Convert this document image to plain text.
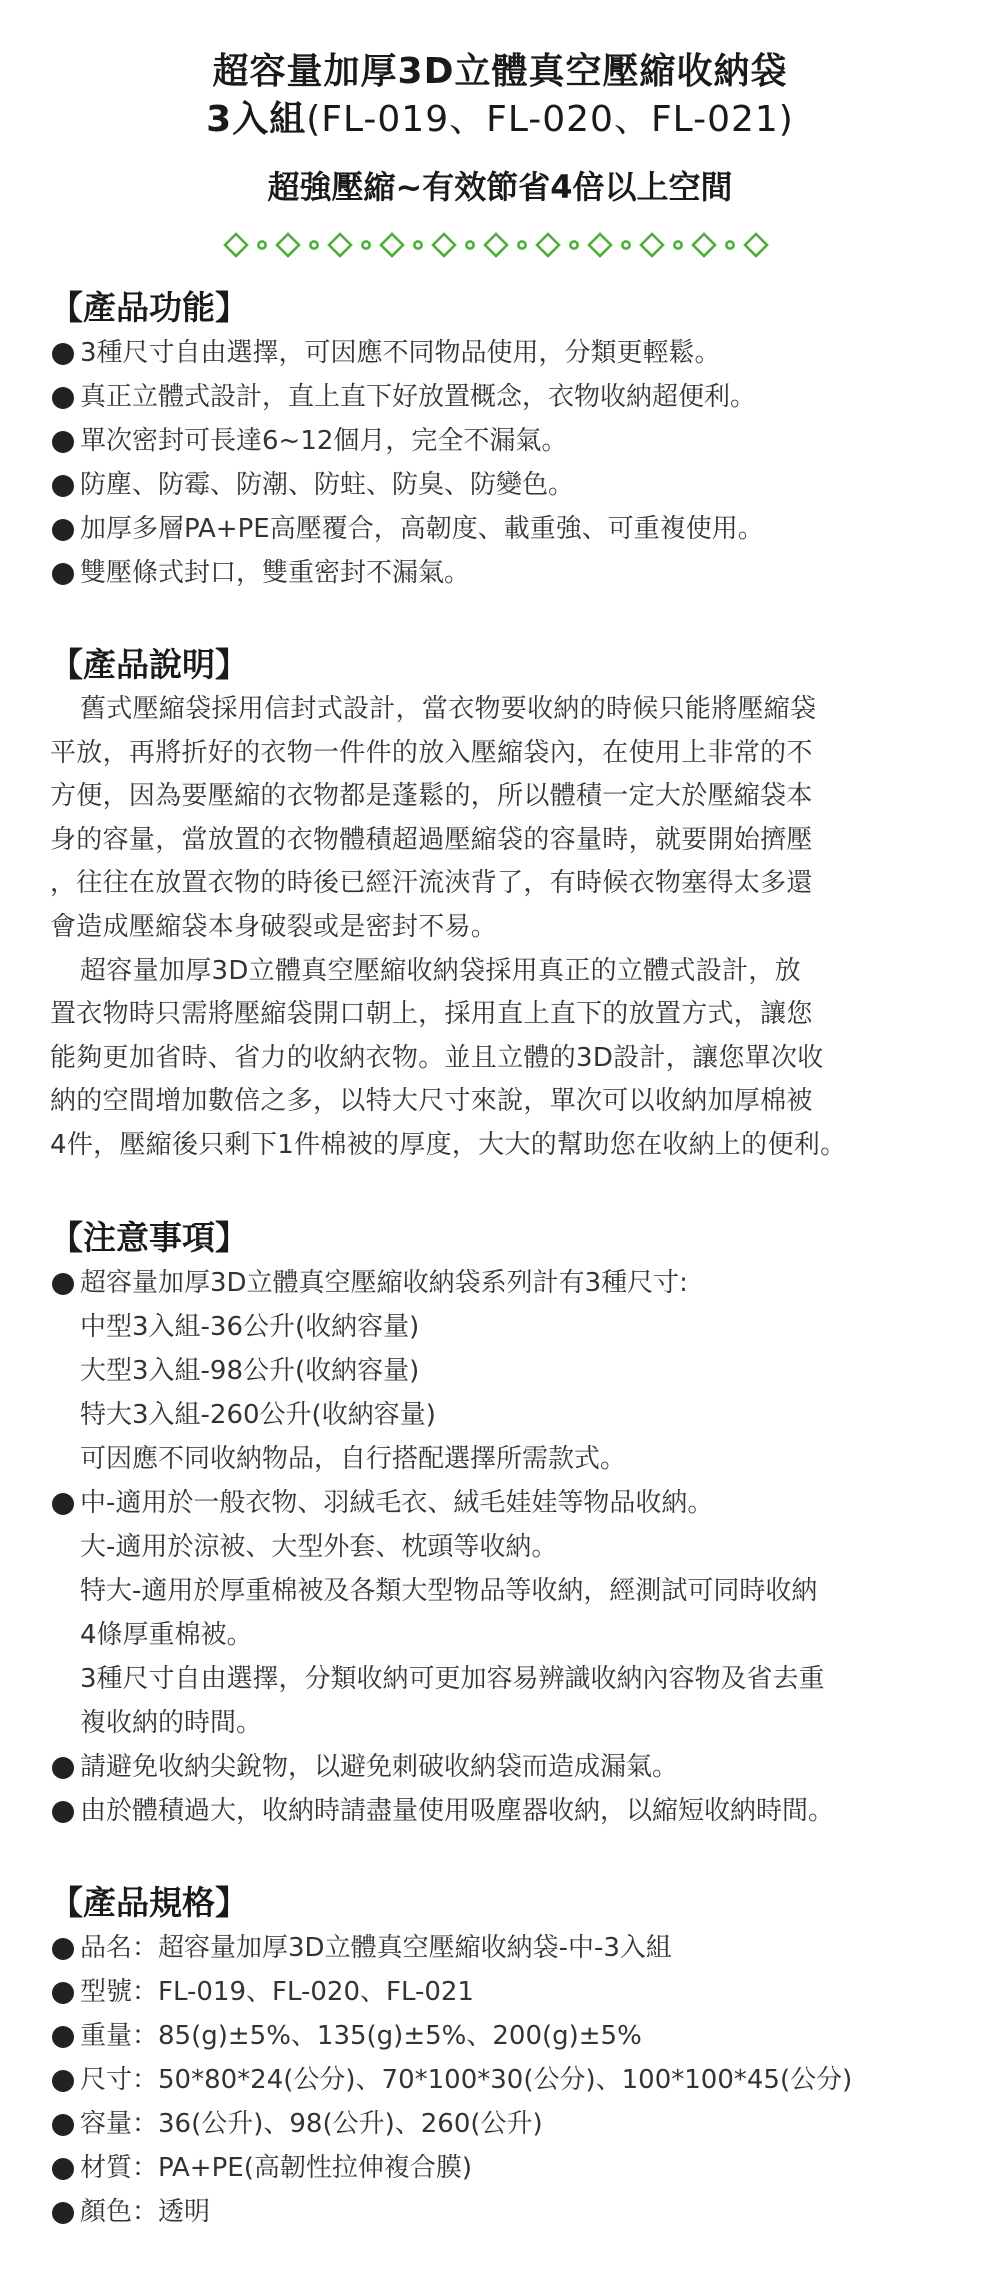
超容量加厚3D立體真空壓縮收納袋
3入組(FL-019、FL-020、FL-021)
超強壓縮~有效節省4倍以上空間
【產品功能】
3種尺寸自由選擇，可因應不同物品使用，分類更輕鬆。
真正立體式設計，直上直下好放置概念，衣物收納超便利。
單次密封可長達6~12個月，完全不漏氣。
防塵、防霉、防潮、防蛀、防臭、防變色。
加厚多層PA+PE高壓覆合，高韌度、載重強、可重複使用。
雙壓條式封口，雙重密封不漏氣。
【產品說明】
舊式壓縮袋採用信封式設計，當衣物要收納的時候只能將壓縮袋
平放，再將折好的衣物一件件的放入壓縮袋內，在使用上非常的不
方便，因為要壓縮的衣物都是蓬鬆的，所以體積一定大於壓縮袋本
身的容量，當放置的衣物體積超過壓縮袋的容量時，就要開始擠壓
，往往在放置衣物的時後已經汗流浹背了，有時候衣物塞得太多還
會造成壓縮袋本身破裂或是密封不易。
超容量加厚3D立體真空壓縮收納袋採用真正的立體式設計，放
置衣物時只需將壓縮袋開口朝上，採用直上直下的放置方式，讓您
能夠更加省時、省力的收納衣物。並且立體的3D設計，讓您單次收
納的空間增加數倍之多，以特大尺寸來說，單次可以收納加厚棉被
4件，壓縮後只剩下1件棉被的厚度，大大的幫助您在收納上的便利。
【注意事項】
超容量加厚3D立體真空壓縮收納袋系列計有3種尺寸:
中型3入組-36公升(收納容量)
大型3入組-98公升(收納容量)
特大3入組-260公升(收納容量)
可因應不同收納物品，自行搭配選擇所需款式。
中-適用於一般衣物、羽絨毛衣、絨毛娃娃等物品收納。
大-適用於涼被、大型外套、枕頭等收納。
特大-適用於厚重棉被及各類大型物品等收納，經測試可同時收納
4條厚重棉被。
3種尺寸自由選擇，分類收納可更加容易辨識收納內容物及省去重
複收納的時間。
請避免收納尖銳物，以避免刺破收納袋而造成漏氣。
由於體積過大，收納時請盡量使用吸塵器收納，以縮短收納時間。
【產品規格】
品名：超容量加厚3D立體真空壓縮收納袋-中-3入組
型號：FL-019、FL-020、FL-021
重量：85(g)±5%、135(g)±5%、200(g)±5%
尺寸：50*80*24(公分)、70*100*30(公分)、100*100*45(公分)
容量：36(公升)、98(公升)、260(公升)
材質：PA+PE(高韌性拉伸複合膜)
顏色：透明
